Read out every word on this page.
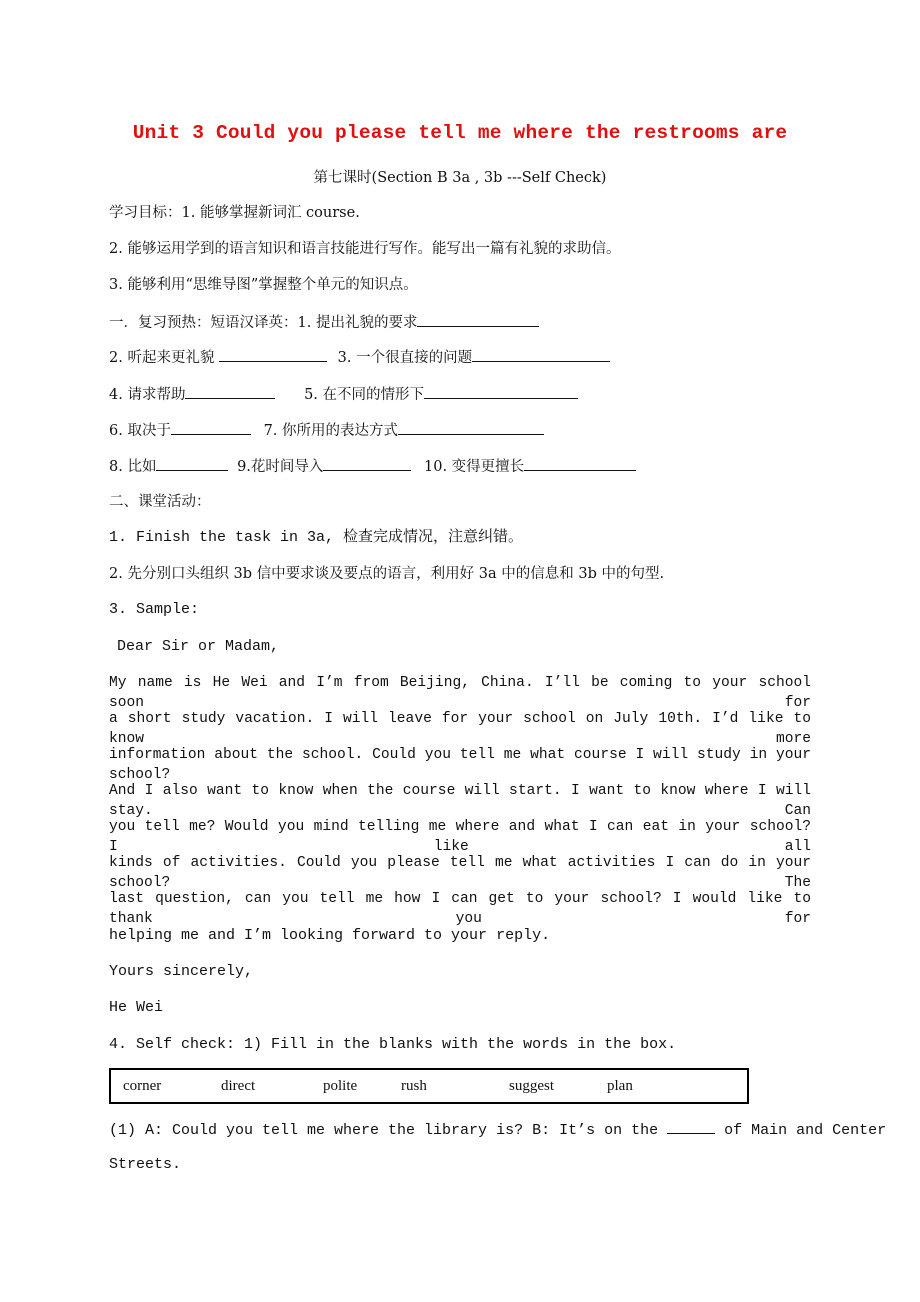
Unit 3 Could you please tell me where the restrooms are
第七课时(Section B 3a , 3b ---Self Check)
学习目标：1. 能够掌握新词汇 course.
2. 能够运用学到的语言知识和语言技能进行写作。能写出一篇有礼貌的求助信。
3. 能够利用“思维导图”掌握整个单元的知识点。
一．复习预热：短语汉译英：1. 提出礼貌的要求
2. 听起来更礼貌	3. 一个很直接的问题
4. 请求帮助	5. 在不同的情形下
6. 取决于	7. 你所用的表达方式
8. 比如	9.花时间导入	10. 变得更擅长
二、课堂活动：
1. Finish the task in 3a, 检查完成情况，注意纠错。
2. 先分别口头组织 3b 信中要求谈及要点的语言，利用好 3a 中的信息和 3b 中的句型.
3. Sample:
Dear Sir or Madam,
My name is He Wei and I’m from Beijing, China. I’ll be coming to your school soon for
a short study vacation. I will leave for your school on July 10th. I’d like to know more
information about the school. Could you tell me what course I will study in your school?
And I also want to know when the course will start. I want to know where I will stay. Can
you tell me? Would you mind telling me where and what I can eat in your school? I like all
kinds of activities. Could you please tell me what activities I can do in your school? The
last question, can you tell me how I can get to your school? I would like to thank you for
helping me and I’m looking forward to your reply.
Yours sincerely,
He Wei
4. Self check: 1) Fill in the blanks with the words in the box.
corner	direct	polite	rush	suggest	plan
(1) A: Could you tell me where the library is? B: It’s on the	of Main and Center
Streets.
